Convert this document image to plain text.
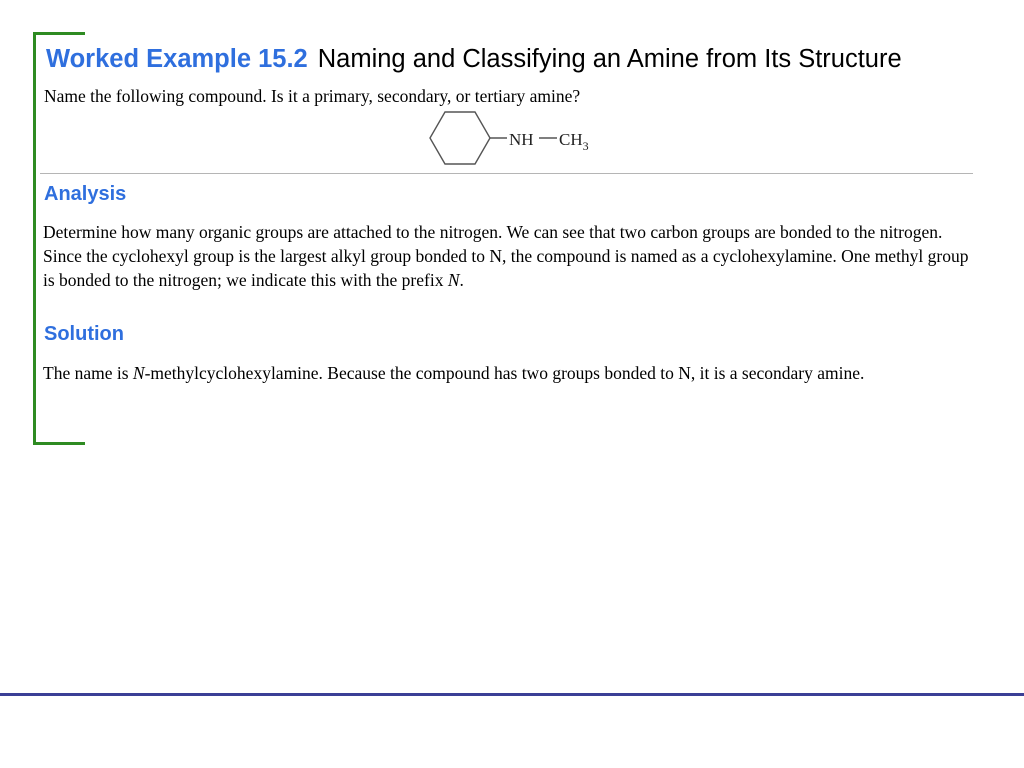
Worked Example 15.2 Naming and Classifying an Amine from Its Structure
Name the following compound. Is it a primary, secondary, or tertiary amine?
NH $CH_3$
Analysis
Determine how many organic groups are attached to the nitrogen. We can see that two carbon groups are bonded to the nitrogen. Since the cyclohexyl group is the largest alkyl group bonded to N, the compound is named as a cyclohexylamine. One methyl group is bonded to the nitrogen; we indicate this with the prefix N.
Solution
The name is N-methylcyclohexylamine. Because the compound has two groups bonded to N, it is a secondary amine.
